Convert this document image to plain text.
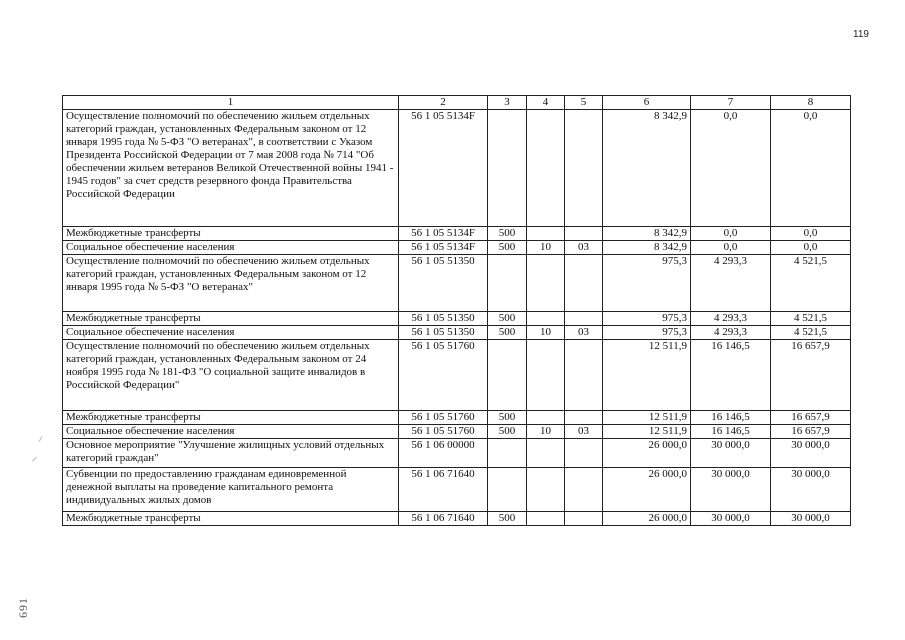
119
691
1	2	3	4	5	6	7	8
Осуществление полномочий по обеспечению жильем отдельных категорий граждан, установленных Федеральным законом от 12 января 1995 года № 5-ФЗ "О ветеранах", в соответствии с Указом Президента Российской Федерации от 7 мая 2008 года № 714 "Об обеспечении жильем ветеранов Великой Отечественной войны 1941 - 1945 годов" за счет средств резервного фонда Правительства Российской Федерации	56 1 05 5134F				8 342,9	0,0	0,0
Межбюджетные трансферты	56 1 05 5134F	500			8 342,9	0,0	0,0
Социальное обеспечение населения	56 1 05 5134F	500	10	03	8 342,9	0,0	0,0
Осуществление полномочий по обеспечению жильем отдельных категорий граждан, установленных Федеральным законом от 12 января 1995 года № 5-ФЗ "О ветеранах"	56 1 05 51350				975,3	4 293,3	4 521,5
Межбюджетные трансферты	56 1 05 51350	500			975,3	4 293,3	4 521,5
Социальное обеспечение населения	56 1 05 51350	500	10	03	975,3	4 293,3	4 521,5
Осуществление полномочий по обеспечению жильем отдельных категорий граждан, установленных Федеральным законом от 24 ноября 1995 года № 181-ФЗ "О социальной защите инвалидов в Российской Федерации"	56 1 05 51760				12 511,9	16 146,5	16 657,9
Межбюджетные трансферты	56 1 05 51760	500			12 511,9	16 146,5	16 657,9
Социальное обеспечение населения	56 1 05 51760	500	10	03	12 511,9	16 146,5	16 657,9
Основное мероприятие "Улучшение жилищных условий отдельных категорий граждан"	56 1 06 00000				26 000,0	30 000,0	30 000,0
Субвенции по предоставлению гражданам единовременной денежной выплаты на проведение капитального ремонта индивидуальных жилых домов	56 1 06 71640				26 000,0	30 000,0	30 000,0
Межбюджетные трансферты	56 1 06 71640	500			26 000,0	30 000,0	30 000,0
